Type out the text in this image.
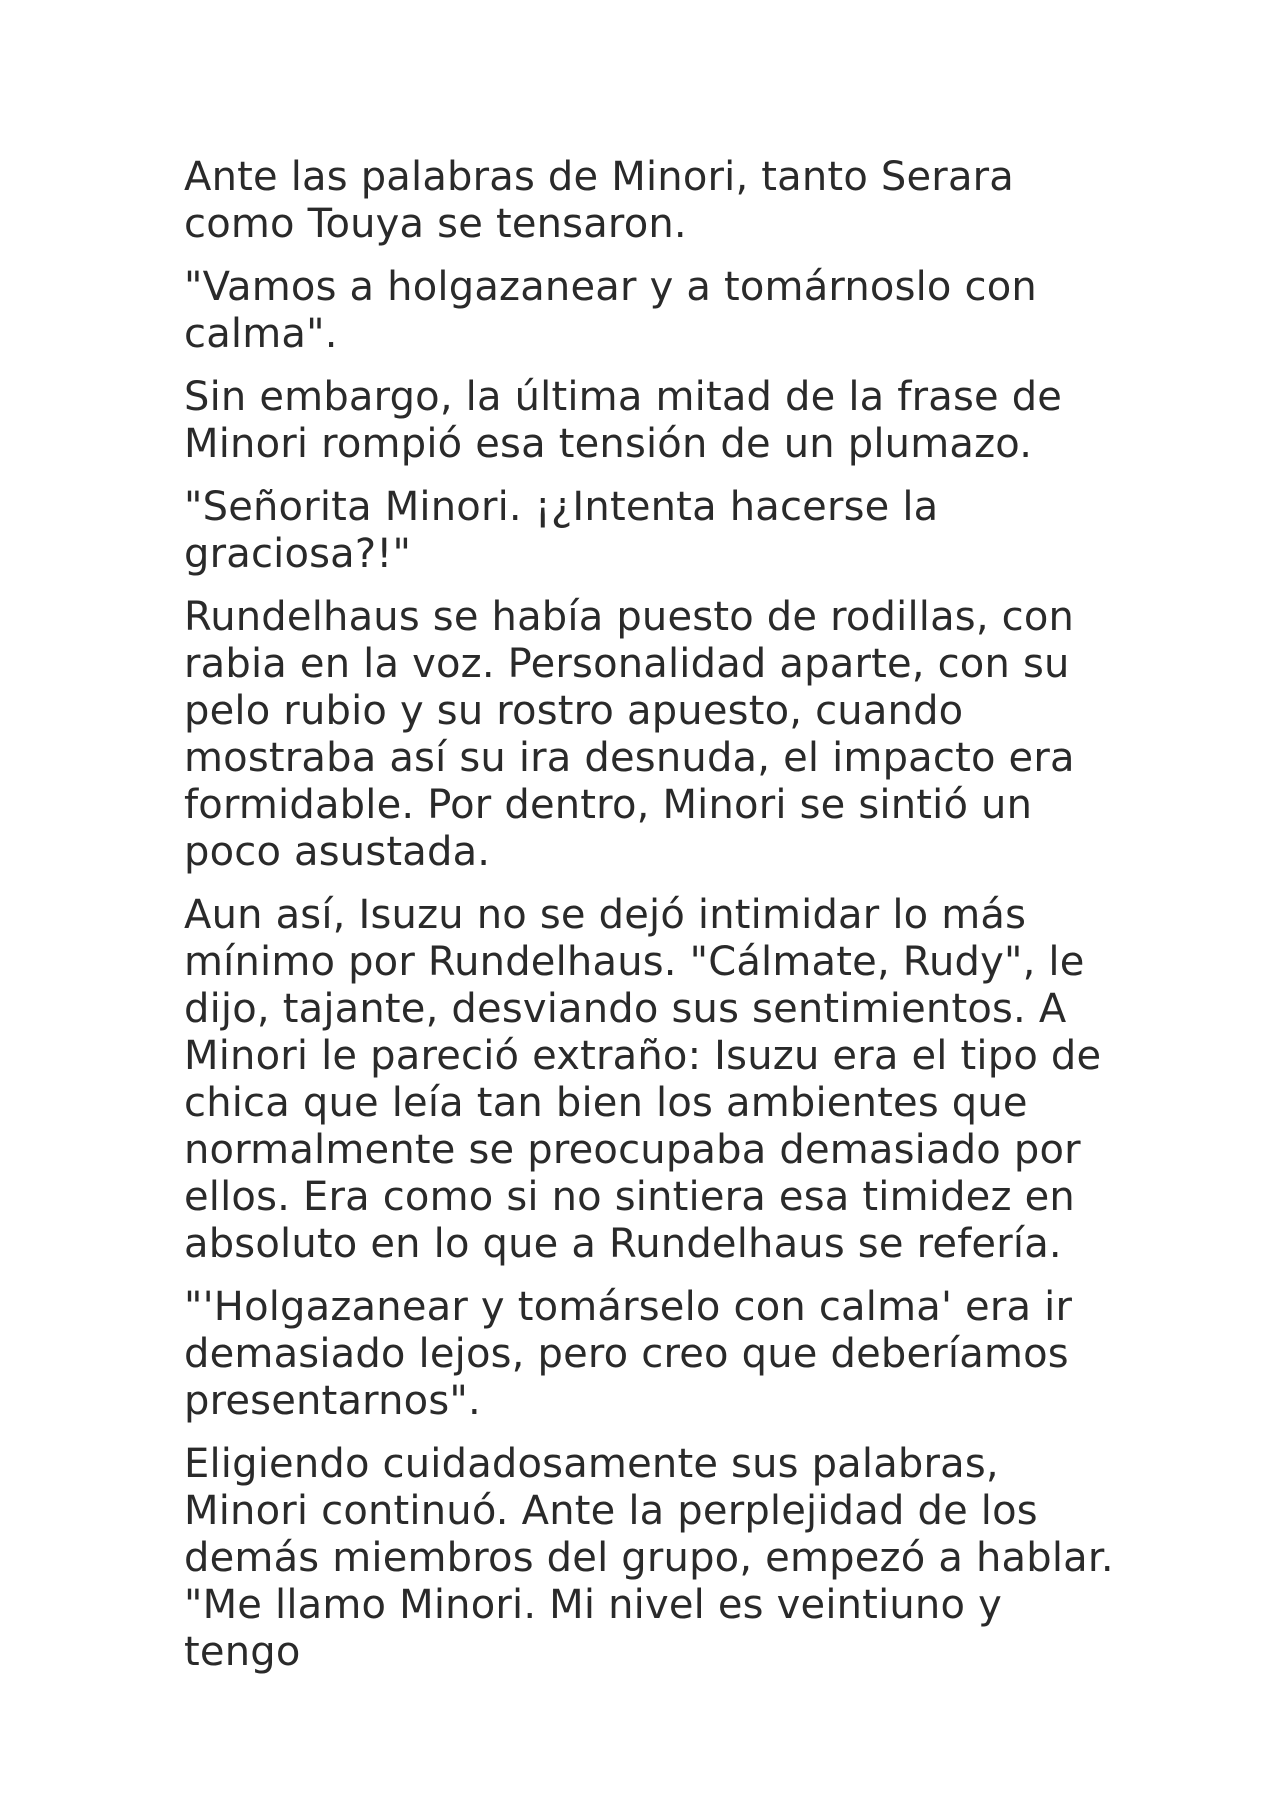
Ante las palabras de Minori, tanto Serara como Touya se tensaron.

"Vamos a holgazanear y a tomárnoslo con calma".

Sin embargo, la última mitad de la frase de Minori rompió esa tensión de un plumazo.

"Señorita Minori. ¡¿Intenta hacerse la graciosa?!"

Rundelhaus se había puesto de rodillas, con rabia en la voz. Personalidad aparte, con su pelo rubio y su rostro apuesto, cuando mostraba así su ira desnuda, el impacto era formidable. Por dentro, Minori se sintió un poco asustada.

Aun así, Isuzu no se dejó intimidar lo más mínimo por Rundelhaus. "Cálmate, Rudy", le dijo, tajante, desviando sus sentimientos. A Minori le pareció extraño: Isuzu era el tipo de chica que leía tan bien los ambientes que normalmente se preocupaba demasiado por ellos. Era como si no sintiera esa timidez en absoluto en lo que a Rundelhaus se refería.

"'Holgazanear y tomárselo con calma' era ir demasiado lejos, pero creo que deberíamos presentarnos".

Eligiendo cuidadosamente sus palabras, Minori continuó. Ante la perplejidad de los demás miembros del grupo, empezó a hablar. "Me llamo Minori. Mi nivel es veintiuno y tengo
